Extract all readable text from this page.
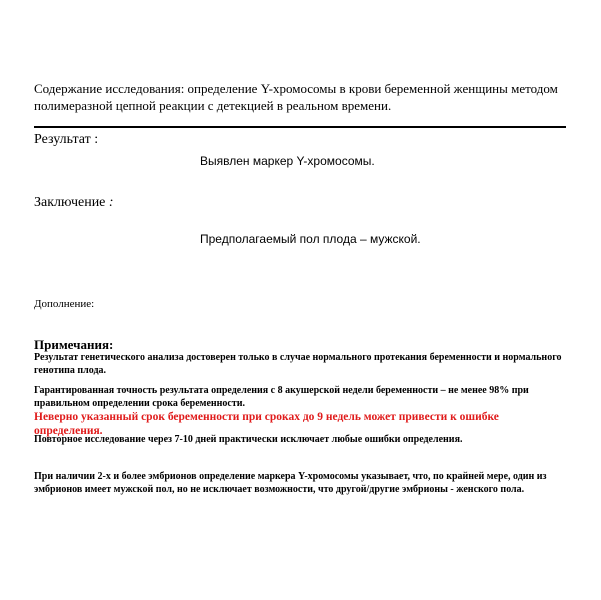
Содержание исследования: определение Y-хромосомы в крови беременной женщины методом
полимеразной цепной реакции с детекцией в реальном времени.
Результат :
Выявлен маркер Y-хромосомы.
Заключение :
Предполагаемый пол плода – мужской.
Дополнение:
Примечания:
Результат генетического анализа достоверен только в случае нормального протекания беременности и нормального генотипа плода.
Гарантированная точность результата определения с 8 акушерской недели беременности – не менее 98% при правильном определении срока беременности.
Неверно указанный срок беременности при сроках до 9 недель может привести к ошибке определения.
Повторное исследование через 7-10 дней практически исключает любые ошибки определения.
При наличии 2-х и более эмбрионов определение маркера Y-хромосомы указывает, что, по крайней мере, один из эмбрионов имеет мужской пол, но не исключает возможности, что другой/другие эмбрионы - женского пола.
